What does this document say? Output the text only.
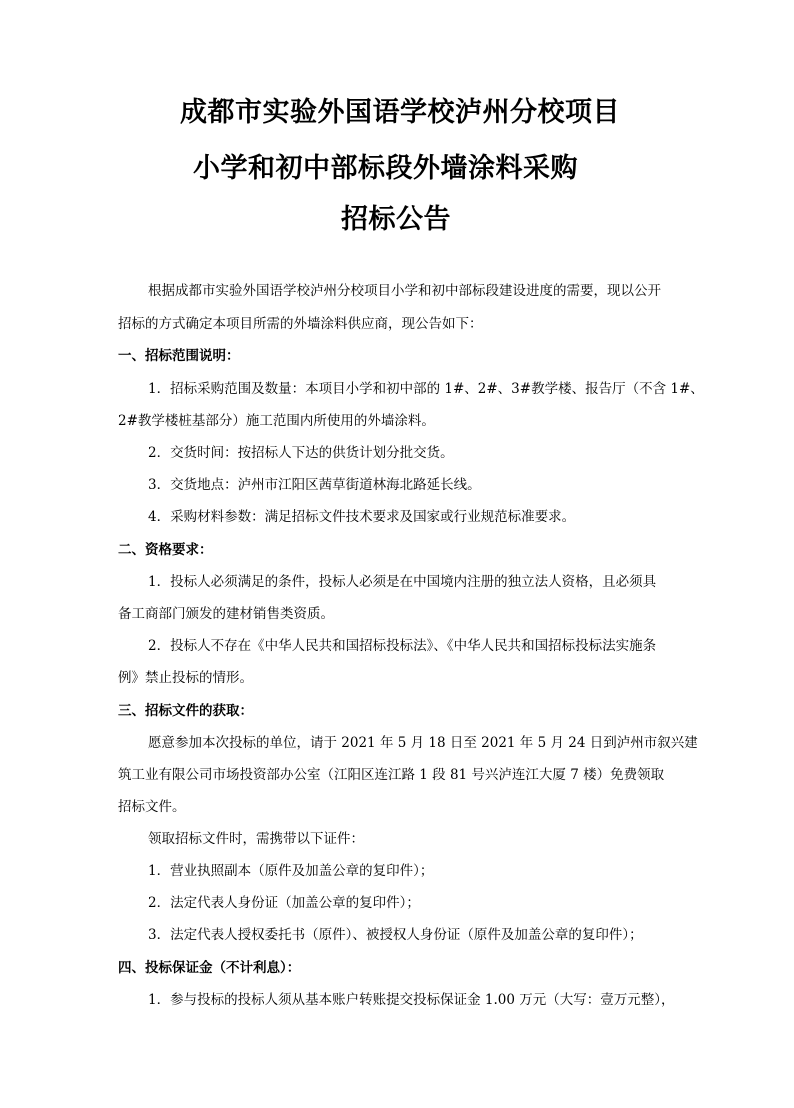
成都市实验外国语学校泸州分校项目
小学和初中部标段外墙涂料采购
招标公告
根据成都市实验外国语学校泸州分校项目小学和初中部标段建设进度的需要，现以公开
招标的方式确定本项目所需的外墙涂料供应商，现公告如下：
一、招标范围说明：
1．招标采购范围及数量：本项目小学和初中部的 1#、2#、3#教学楼、报告厅（不含 1#、
2#教学楼桩基部分）施工范围内所使用的外墙涂料。
2．交货时间：按招标人下达的供货计划分批交货。
3．交货地点：泸州市江阳区茜草街道林海北路延长线。
4．采购材料参数：满足招标文件技术要求及国家或行业规范标准要求。
二、资格要求：
1．投标人必须满足的条件，投标人必须是在中国境内注册的独立法人资格，且必须具
备工商部门颁发的建材销售类资质。
2．投标人不存在《中华人民共和国招标投标法》、《中华人民共和国招标投标法实施条
例》禁止投标的情形。
三、招标文件的获取：
愿意参加本次投标的单位，请于 2021 年 5 月 18 日至 2021 年 5 月 24 日到泸州市叙兴建
筑工业有限公司市场投资部办公室（江阳区连江路 1 段 81 号兴泸连江大厦 7 楼）免费领取
招标文件。
领取招标文件时，需携带以下证件：
1．营业执照副本（原件及加盖公章的复印件）；
2．法定代表人身份证（加盖公章的复印件）；
3．法定代表人授权委托书（原件）、被授权人身份证（原件及加盖公章的复印件）；
四、投标保证金（不计利息）：
1．参与投标的投标人须从基本账户转账提交投标保证金 1.00 万元（大写：壹万元整），
